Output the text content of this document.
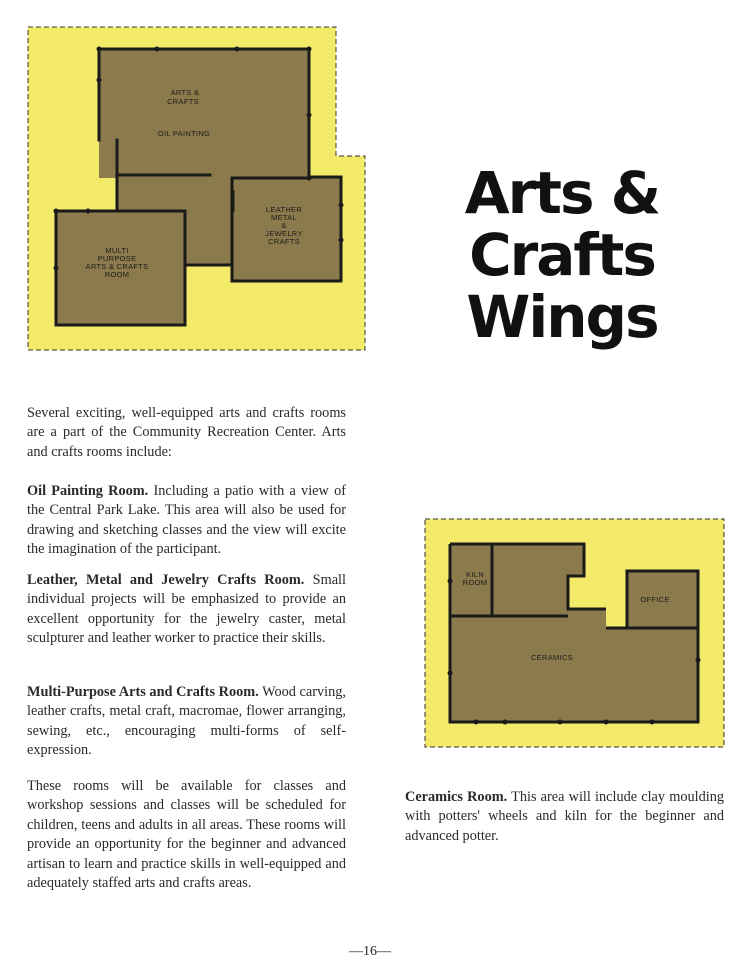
ARTS &
CRAFTS
OIL PAINTING
LEATHER
METAL
&
JEWELRY
CRAFTS
MULTI
PURPOSE
ARTS & CRAFTS
ROOM
KILN
ROOM
OFFICE
CERAMICS
Arts & Crafts
Wings

Several exciting, well-equipped arts and crafts rooms are a part of the Community Recreation Center. Arts and crafts rooms include:

Oil Painting Room. Including a patio with a view of the Central Park Lake. This area will also be used for drawing and sketching classes and the view will excite the imagination of the participant.

Leather, Metal and Jewelry Crafts Room. Small individual projects will be emphasized to provide an excellent opportunity for the jewelry caster, metal sculpturer and leather worker to practice their skills.

Multi-Purpose Arts and Crafts Room. Wood carving, leather crafts, metal craft, macromae, flower arranging, sewing, etc., encouraging multi-forms of self-expression.

These rooms will be available for classes and workshop sessions and classes will be scheduled for children, teens and adults in all areas. These rooms will provide an opportunity for the beginner and advanced artisan to learn and practice skills in well-equipped and adequately staffed arts and crafts areas.

Ceramics Room. This area will include clay moulding with potters' wheels and kiln for the beginner and advanced potter.

—16—
